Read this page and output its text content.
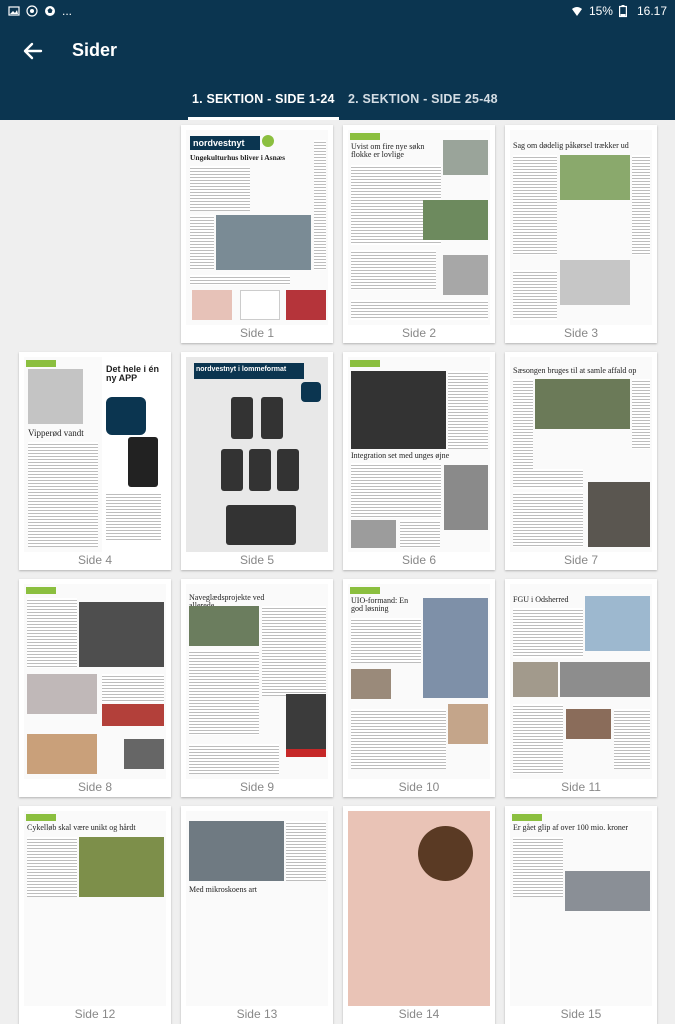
...	15% 16.17
Sider
1. SEKTION - SIDE 1-24	2. SEKTION - SIDE 25-48
nordvestnyt
Ungekulturhus bliver i Asnæs
Side 1
Uvist om fire nye søkn flokke er lovlige
Side 2
Sag om dødelig påkørsel trækker ud
Side 3
Vipperød vandt
Det hele i én ny APP
Side 4
nordvestnyt i lommeformat
Side 5
Integration set med unges øjne
Side 6
Sæsongen bruges til at samle affald op
Side 7
Side 8
Naveglædsprojekte ved
Side 9
UIO-formand: En god løsning
Side 10
FGU i Odsherred
Side 11
Cykelløb skal være unikt og hårdt
Side 12
Med mikroskoens art
Side 13	Side 14
Er gået glip af over 100 mio. kroner
Side 15
